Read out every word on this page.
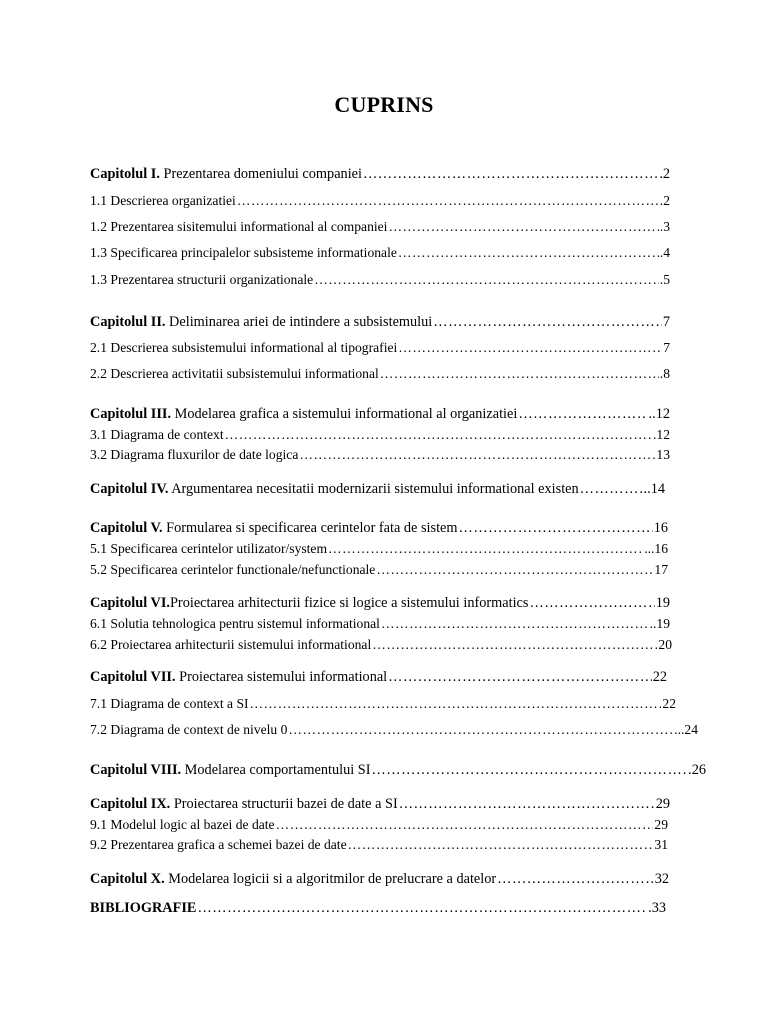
CUPRINS
Capitolul I. Prezentarea domeniului companiei ……………………………………………………………………………………………………………………………………………………………………	2
1.1 Descrierea organizatiei ……………………………………………………………………………………………………………………………………………………………………	.2
1.2 Prezentarea sisitemului informational al companiei ……………………………………………………………………………………………………………………………………………………………………	.3
1.3 Specificarea principalelor subsisteme informationale ……………………………………………………………………………………………………………………………………………………………………	.4
1.3 Prezentarea structurii organizationale ……………………………………………………………………………………………………………………………………………………………………	.5
Capitolul II. Deliminarea ariei de intindere a subsistemului ……………………………………………………………………………………………………………………………………………………………………	7
2.1 Descrierea subsistemului informational al tipografiei ……………………………………………………………………………………………………………………………………………………………………	7
2.2 Descrierea activitatii subsistemului informational ……………………………………………………………………………………………………………………………………………………………………	.8
Capitolul III. Modelarea grafica a sistemului informational al organizatiei ……………………………………………………………………………………………………………………………………………………………………	..12
3.1 Diagrama de context ……………………………………………………………………………………………………………………………………………………………………	.12
3.2 Diagrama fluxurilor de date logica ……………………………………………………………………………………………………………………………………………………………………	13
Capitolul IV. Argumentarea necesitatii modernizarii sistemului informational existen ……………………………………………………………………………………………………………………………………………………………………	..14
Capitolul V. Formularea si specificarea cerintelor fata de sistem ……………………………………………………………………………………………………………………………………………………………………	16
5.1 Specificarea cerintelor utilizator/system ……………………………………………………………………………………………………………………………………………………………………	...16
5.2 Specificarea cerintelor functionale/nefunctionale ……………………………………………………………………………………………………………………………………………………………………	17
Capitolul VI.Proiectarea arhitecturii fizice si logice a sistemului informatics ……………………………………………………………………………………………………………………………………………………………………	19
6.1 Solutia tehnologica pentru sistemul informational ……………………………………………………………………………………………………………………………………………………………………	..19
6.2 Proiectarea arhitecturii sistemului informational ……………………………………………………………………………………………………………………………………………………………………	20
Capitolul VII. Proiectarea sistemului informational ……………………………………………………………………………………………………………………………………………………………………	22
7.1 Diagrama de context a SI ……………………………………………………………………………………………………………………………………………………………………	22
7.2 Diagrama de context de nivelu 0 ……………………………………………………………………………………………………………………………………………………………………	..24
Capitolul VIII. Modelarea comportamentului SI ……………………………………………………………………………………………………………………………………………………………………	.26
Capitolul IX. Proiectarea structurii bazei de date a SI ……………………………………………………………………………………………………………………………………………………………………	29
9.1 Modelul logic al bazei de date ……………………………………………………………………………………………………………………………………………………………………	29
9.2 Prezentarea grafica a schemei bazei de date ……………………………………………………………………………………………………………………………………………………………………	31
Capitolul X. Modelarea logicii si a algoritmilor de prelucrare a datelor ……………………………………………………………………………………………………………………………………………………………………	32
BIBLIOGRAFIE ……………………………………………………………………………………………………………………………………………………………………	.33
